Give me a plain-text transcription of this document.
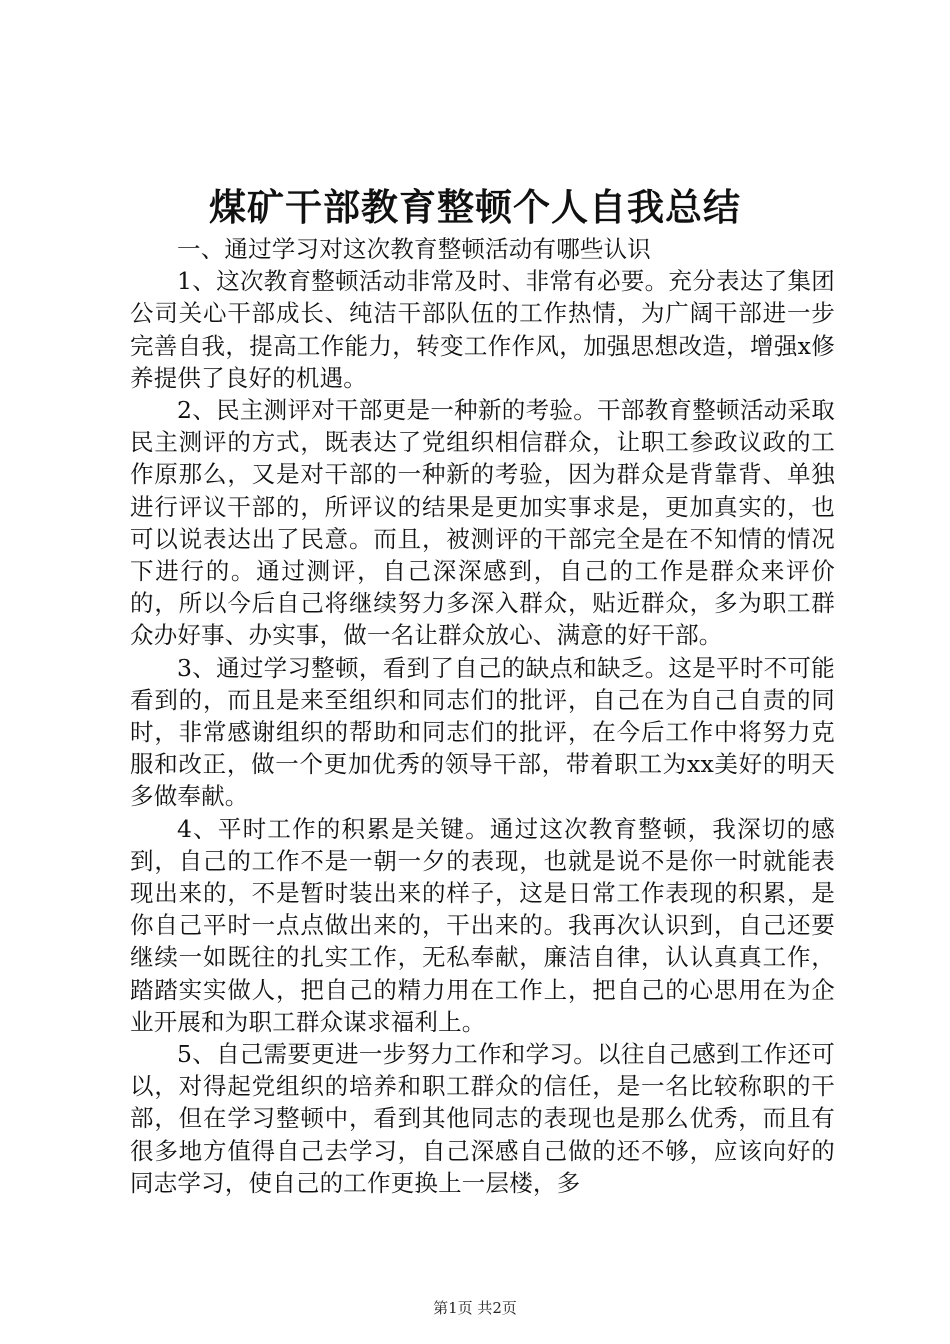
煤矿干部教育整顿个人自我总结

一、通过学习对这次教育整顿活动有哪些认识

1、这次教育整顿活动非常及时、非常有必要。充分表达了集团公司关心干部成长、纯洁干部队伍的工作热情，为广阔干部进一步完善自我，提高工作能力，转变工作作风，加强思想改造，增强x修养提供了良好的机遇。

2、民主测评对干部更是一种新的考验。干部教育整顿活动采取民主测评的方式，既表达了党组织相信群众，让职工参政议政的工作原那么，又是对干部的一种新的考验，因为群众是背靠背、单独进行评议干部的，所评议的结果是更加实事求是，更加真实的，也可以说表达出了民意。而且，被测评的干部完全是在不知情的情况下进行的。通过测评，自己深深感到，自己的工作是群众来评价的，所以今后自己将继续努力多深入群众，贴近群众，多为职工群众办好事、办实事，做一名让群众放心、满意的好干部。

3、通过学习整顿，看到了自己的缺点和缺乏。这是平时不可能看到的，而且是来至组织和同志们的批评，自己在为自己自责的同时，非常感谢组织的帮助和同志们的批评，在今后工作中将努力克服和改正，做一个更加优秀的领导干部，带着职工为xx美好的明天多做奉献。

4、平时工作的积累是关键。通过这次教育整顿，我深切的感到，自己的工作不是一朝一夕的表现，也就是说不是你一时就能表现出来的，不是暂时装出来的样子，这是日常工作表现的积累，是你自己平时一点点做出来的，干出来的。我再次认识到，自己还要继续一如既往的扎实工作，无私奉献，廉洁自律，认认真真工作，踏踏实实做人，把自己的精力用在工作上，把自己的心思用在为企业开展和为职工群众谋求福利上。

5、自己需要更进一步努力工作和学习。以往自己感到工作还可以，对得起党组织的培养和职工群众的信任，是一名比较称职的干部，但在学习整顿中，看到其他同志的表现也是那么优秀，而且有很多地方值得自己去学习，自己深感自己做的还不够，应该向好的同志学习，使自己的工作更换上一层楼，多

第1页 共2页
